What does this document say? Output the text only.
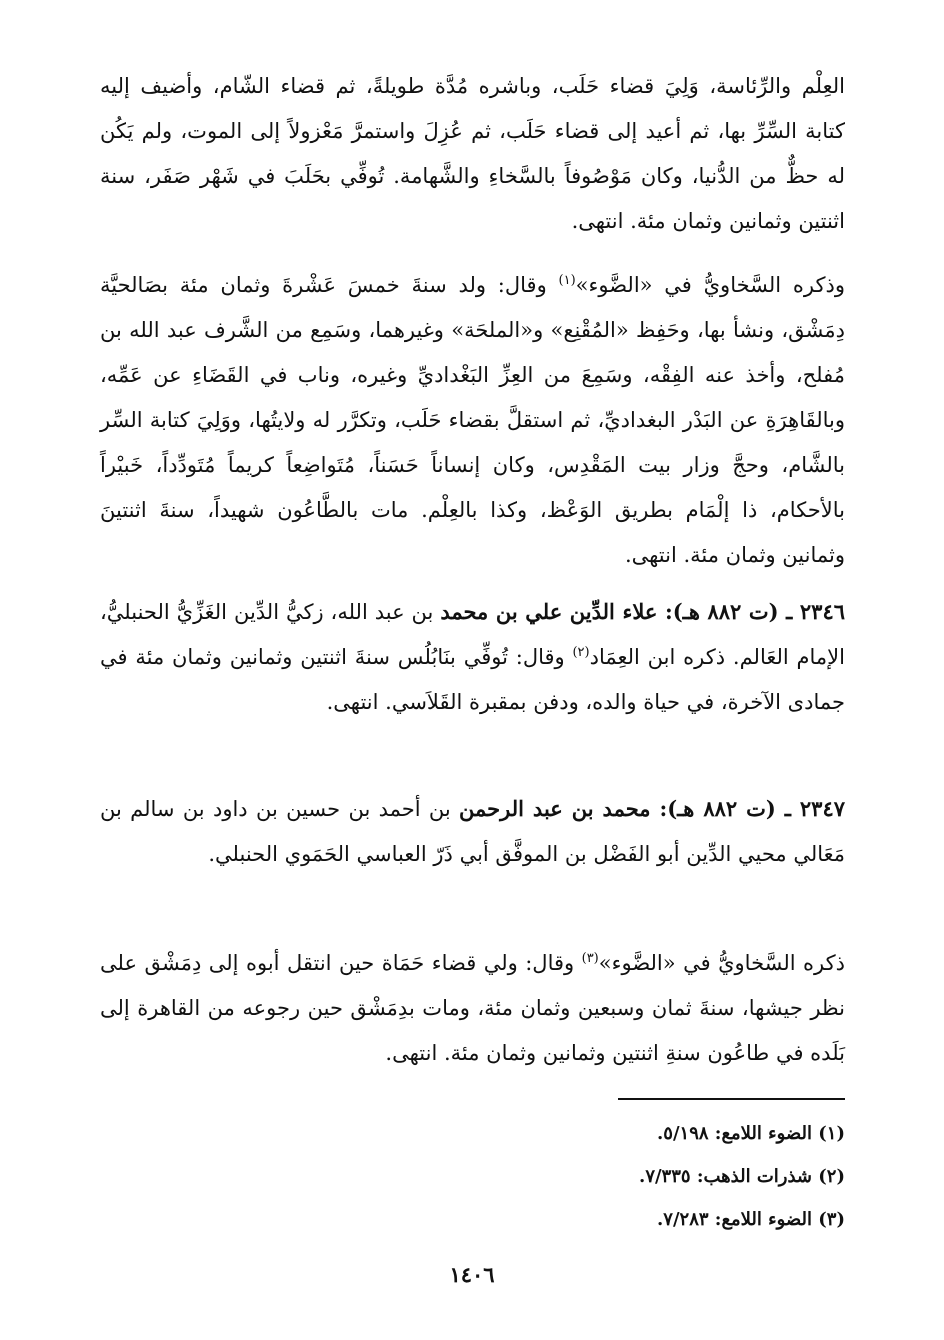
العِلْم والرِّئاسة، وَلِيَ قضاء حَلَب، وباشره مُدَّة طويلةً، ثم قضاء الشّام، وأضيف إليه كتابة السِّرِّ بها، ثم أعيد إلى قضاء حَلَب، ثم عُزِلَ واستمرَّ مَعْزولاً إلى الموت، ولم يَكُن له حظٌّ من الدُّنيا، وكان مَوْصُوفاً بالسَّخاءِ والشَّهامة. تُوفِّي بحَلَبَ في شَهْر صَفَر، سنة اثنتين وثمانين وثمان مئة. انتهى.

وذكره السَّخاويُّ في «الضَّوء»$^{(١)}$ وقال: ولد سنةَ خمسَ عَشْرةَ وثمان مئة بصَالحيَّة دِمَشْق، ونشأ بها، وحَفِظ «المُقْنِع» و«الملحَة» وغيرهما، وسَمِع من الشَّرف عبد الله بن مُفلح، وأخذ عنه الفِقْه، وسَمِعَ من العِزِّ البَغْداديِّ وغيره، وناب في القَضَاءِ عن عَمِّه، وبالقَاهِرَةِ عن البَدْر البغداديِّ، ثم استقلَّ بقضاء حَلَب، وتكرَّر له ولايتُها، ووَلِيَ كتابة السِّر بالشَّام، وحجَّ وزار بيت المَقْدِس، وكان إنساناً حَسَناً، مُتَواضِعاً كريماً مُتَودِّداً، خَبيْراً بالأحكام، ذا إلْمَام بطريق الوَعْظ، وكذا بالعِلْم. مات بالطَّاعُون شهيداً، سنةَ اثنتينَ وثمانين وثمان مئة. انتهى.

٢٣٤٦ ـ (ت ٨٨٢ هـ): علاء الدِّين علي بن محمد بن عبد الله، زكيُّ الدِّين الغَزِّيُّ الحنبليُّ، الإمام العَالم. ذكره ابن العِمَاد$^{(٢)}$ وقال: تُوفِّي بنَابُلُس سنةَ اثنتين وثمانين وثمان مئة في جمادى الآخرة، في حياة والده، ودفن بمقبرة القَلاَسي. انتهى.

٢٣٤٧ ـ (ت ٨٨٢ هـ): محمد بن عبد الرحمن بن أحمد بن حسين بن داود بن سالم بن مَعَالي محيي الدِّين أبو الفَضْل بن الموفَّق أبي ذَرّ العباسي الحَمَوي الحنبلي.

ذكره السَّخاويُّ في «الضَّوء»$^{(٣)}$ وقال: ولي قضاء حَمَاة حين انتقل أبوه إلى دِمَشْق على نظر جيشها، سنةَ ثمان وسبعين وثمان مئة، ومات بدِمَشْق حين رجوعه من القاهرة إلى بَلَده في طاعُون سنةِ اثنتين وثمانين وثمان مئة. انتهى.

(١) الضوء اللامع: ٥/١٩٨.
(٢) شذرات الذهب: ٧/٣٣٥.
(٣) الضوء اللامع: ٧/٢٨٣.
١٤٠٦
